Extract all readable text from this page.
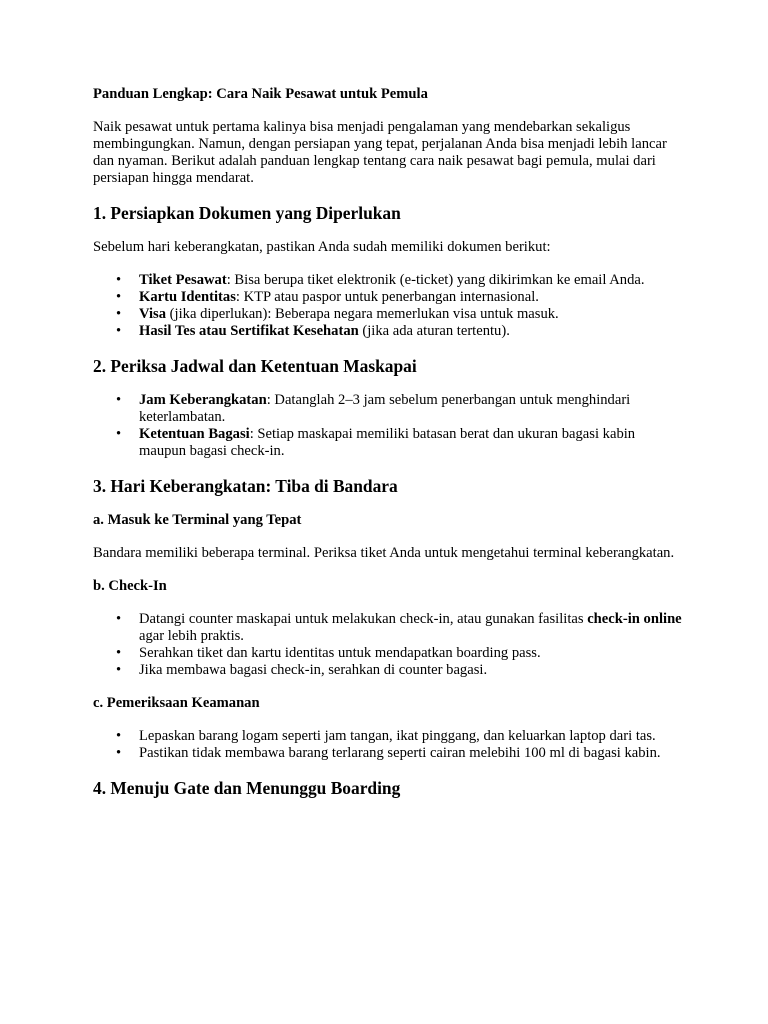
Panduan Lengkap: Cara Naik Pesawat untuk Pemula

Naik pesawat untuk pertama kalinya bisa menjadi pengalaman yang mendebarkan sekaligus membingungkan. Namun, dengan persiapan yang tepat, perjalanan Anda bisa menjadi lebih lancar dan nyaman. Berikut adalah panduan lengkap tentang cara naik pesawat bagi pemula, mulai dari persiapan hingga mendarat.

1. Persiapkan Dokumen yang Diperlukan

Sebelum hari keberangkatan, pastikan Anda sudah memiliki dokumen berikut:

• Tiket Pesawat: Bisa berupa tiket elektronik (e-ticket) yang dikirimkan ke email Anda.
• Kartu Identitas: KTP atau paspor untuk penerbangan internasional.
• Visa (jika diperlukan): Beberapa negara memerlukan visa untuk masuk.
• Hasil Tes atau Sertifikat Kesehatan (jika ada aturan tertentu).
2. Periksa Jadwal dan Ketentuan Maskapai
• Jam Keberangkatan: Datanglah 2–3 jam sebelum penerbangan untuk menghindari keterlambatan.
• Ketentuan Bagasi: Setiap maskapai memiliki batasan berat dan ukuran bagasi kabin maupun bagasi check-in.
3. Hari Keberangkatan: Tiba di Bandara
a. Masuk ke Terminal yang Tepat

Bandara memiliki beberapa terminal. Periksa tiket Anda untuk mengetahui terminal keberangkatan.

b. Check-In
• Datangi counter maskapai untuk melakukan check-in, atau gunakan fasilitas check-in online agar lebih praktis.
• Serahkan tiket dan kartu identitas untuk mendapatkan boarding pass.
• Jika membawa bagasi check-in, serahkan di counter bagasi.
c. Pemeriksaan Keamanan
• Lepaskan barang logam seperti jam tangan, ikat pinggang, dan keluarkan laptop dari tas.
• Pastikan tidak membawa barang terlarang seperti cairan melebihi 100 ml di bagasi kabin.
4. Menuju Gate dan Menunggu Boarding
